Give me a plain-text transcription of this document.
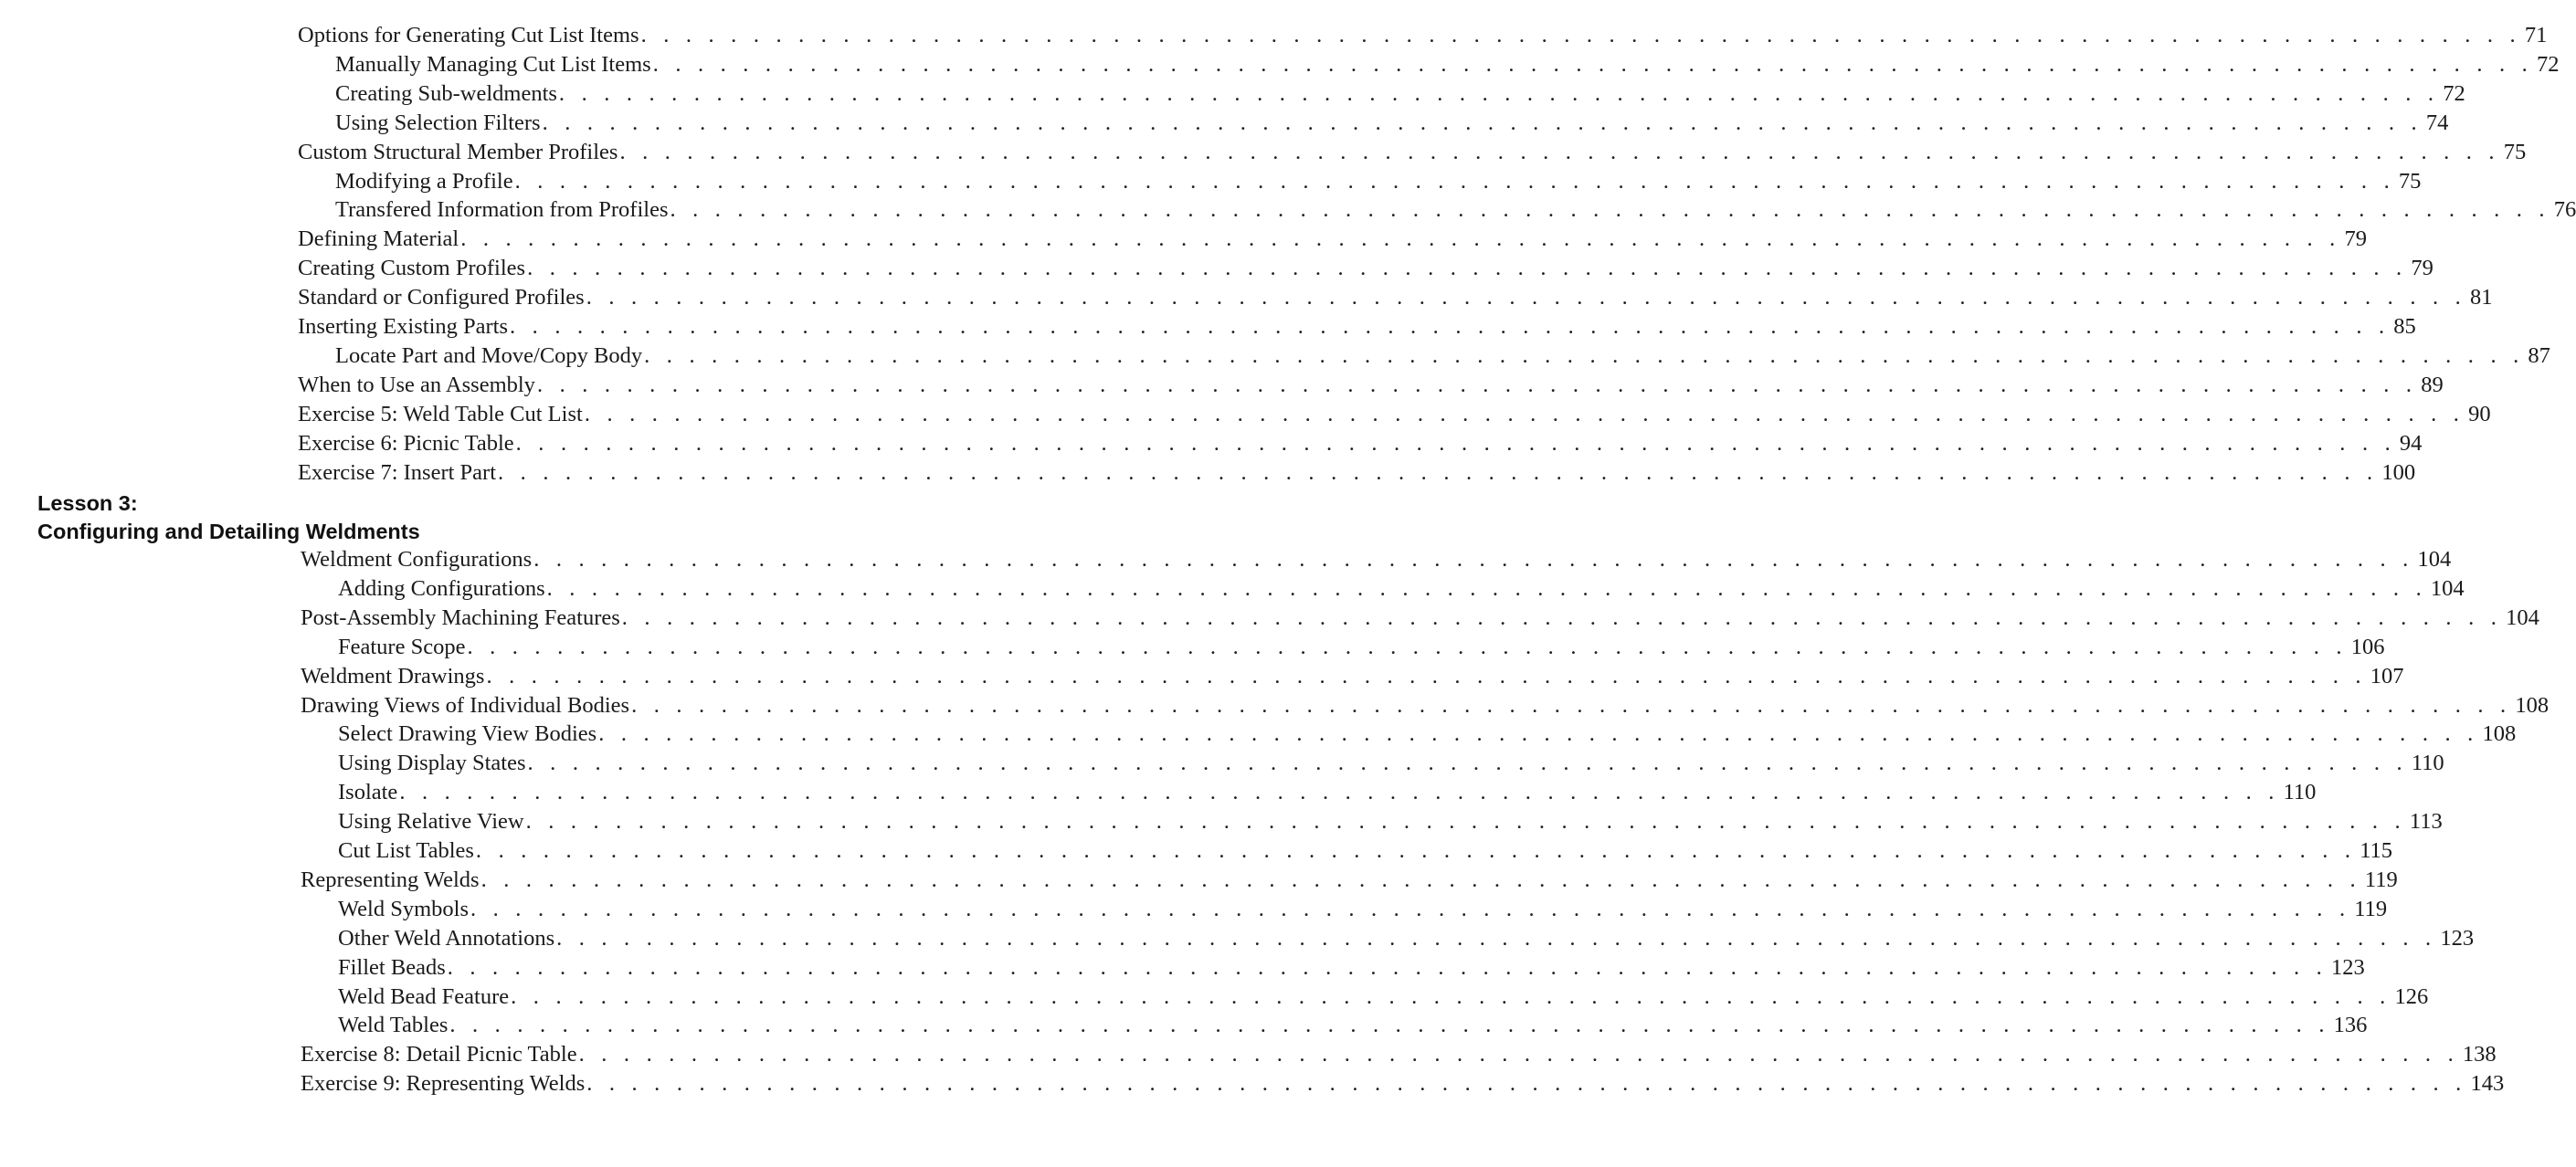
Options for Generating Cut List Items . . . . . . . . . . . . . . . . . . . . . . . . . . . . . . . . . . . . . . . . . . . . . . . . . . . . . . . . . . . . . . . . . . . . . . . . . . . . . . . . . . . . 71
Manually Managing Cut List Items . . . . . . . . . . . . . . . . . . . . . . . . . . . . . . . . . . . . . . . . . . . . . . . . . . . . . . . . . . . . . . . . . . . . . . . . . . . . . . . . . . . . 72
Creating Sub-weldments . . . . . . . . . . . . . . . . . . . . . . . . . . . . . . . . . . . . . . . . . . . . . . . . . . . . . . . . . . . . . . . . . . . . . . . . . . . . . . . . . . . . 72
Using Selection Filters . . . . . . . . . . . . . . . . . . . . . . . . . . . . . . . . . . . . . . . . . . . . . . . . . . . . . . . . . . . . . . . . . . . . . . . . . . . . . . . . . . . . 74
Custom Structural Member Profiles . . . . . . . . . . . . . . . . . . . . . . . . . . . . . . . . . . . . . . . . . . . . . . . . . . . . . . . . . . . . . . . . . . . . . . . . . . . . . . . . . . . . 75
Modifying a Profile . . . . . . . . . . . . . . . . . . . . . . . . . . . . . . . . . . . . . . . . . . . . . . . . . . . . . . . . . . . . . . . . . . . . . . . . . . . . . . . . . . . . 75
Transfered Information from Profiles . . . . . . . . . . . . . . . . . . . . . . . . . . . . . . . . . . . . . . . . . . . . . . . . . . . . . . . . . . . . . . . . . . . . . . . . . . . . . . . . . . . . 76
Defining Material . . . . . . . . . . . . . . . . . . . . . . . . . . . . . . . . . . . . . . . . . . . . . . . . . . . . . . . . . . . . . . . . . . . . . . . . . . . . . . . . . . . . 79
Creating Custom Profiles . . . . . . . . . . . . . . . . . . . . . . . . . . . . . . . . . . . . . . . . . . . . . . . . . . . . . . . . . . . . . . . . . . . . . . . . . . . . . . . . . . . . 79
Standard or Configured Profiles . . . . . . . . . . . . . . . . . . . . . . . . . . . . . . . . . . . . . . . . . . . . . . . . . . . . . . . . . . . . . . . . . . . . . . . . . . . . . . . . . . . . 81
Inserting Existing Parts . . . . . . . . . . . . . . . . . . . . . . . . . . . . . . . . . . . . . . . . . . . . . . . . . . . . . . . . . . . . . . . . . . . . . . . . . . . . . . . . . . . . 85
Locate Part and Move/Copy Body . . . . . . . . . . . . . . . . . . . . . . . . . . . . . . . . . . . . . . . . . . . . . . . . . . . . . . . . . . . . . . . . . . . . . . . . . . . . . . . . . . . . 87
When to Use an Assembly . . . . . . . . . . . . . . . . . . . . . . . . . . . . . . . . . . . . . . . . . . . . . . . . . . . . . . . . . . . . . . . . . . . . . . . . . . . . . . . . . . . . 89
Exercise 5: Weld Table Cut List . . . . . . . . . . . . . . . . . . . . . . . . . . . . . . . . . . . . . . . . . . . . . . . . . . . . . . . . . . . . . . . . . . . . . . . . . . . . . . . . . . . . 90
Exercise 6: Picnic Table . . . . . . . . . . . . . . . . . . . . . . . . . . . . . . . . . . . . . . . . . . . . . . . . . . . . . . . . . . . . . . . . . . . . . . . . . . . . . . . . . . . . 94
Exercise 7: Insert Part . . . . . . . . . . . . . . . . . . . . . . . . . . . . . . . . . . . . . . . . . . . . . . . . . . . . . . . . . . . . . . . . . . . . . . . . . . . . . . . . . . . . 100
Lesson 3:
Configuring and Detailing Weldments
Weldment Configurations . . . . . . . . . . . . . . . . . . . . . . . . . . . . . . . . . . . . . . . . . . . . . . . . . . . . . . . . . . . . . . . . . . . . . . . . . . . . . . . . . . . . 104
Adding Configurations . . . . . . . . . . . . . . . . . . . . . . . . . . . . . . . . . . . . . . . . . . . . . . . . . . . . . . . . . . . . . . . . . . . . . . . . . . . . . . . . . . . . 104
Post-Assembly Machining Features . . . . . . . . . . . . . . . . . . . . . . . . . . . . . . . . . . . . . . . . . . . . . . . . . . . . . . . . . . . . . . . . . . . . . . . . . . . . . . . . . . . . 104
Feature Scope . . . . . . . . . . . . . . . . . . . . . . . . . . . . . . . . . . . . . . . . . . . . . . . . . . . . . . . . . . . . . . . . . . . . . . . . . . . . . . . . . . . . 106
Weldment Drawings . . . . . . . . . . . . . . . . . . . . . . . . . . . . . . . . . . . . . . . . . . . . . . . . . . . . . . . . . . . . . . . . . . . . . . . . . . . . . . . . . . . . 107
Drawing Views of Individual Bodies . . . . . . . . . . . . . . . . . . . . . . . . . . . . . . . . . . . . . . . . . . . . . . . . . . . . . . . . . . . . . . . . . . . . . . . . . . . . . . . . . . . . 108
Select Drawing View Bodies . . . . . . . . . . . . . . . . . . . . . . . . . . . . . . . . . . . . . . . . . . . . . . . . . . . . . . . . . . . . . . . . . . . . . . . . . . . . . . . . . . . . 108
Using Display States . . . . . . . . . . . . . . . . . . . . . . . . . . . . . . . . . . . . . . . . . . . . . . . . . . . . . . . . . . . . . . . . . . . . . . . . . . . . . . . . . . . . 110
Isolate . . . . . . . . . . . . . . . . . . . . . . . . . . . . . . . . . . . . . . . . . . . . . . . . . . . . . . . . . . . . . . . . . . . . . . . . . . . . . . . . . . . . 110
Using Relative View . . . . . . . . . . . . . . . . . . . . . . . . . . . . . . . . . . . . . . . . . . . . . . . . . . . . . . . . . . . . . . . . . . . . . . . . . . . . . . . . . . . . 113
Cut List Tables . . . . . . . . . . . . . . . . . . . . . . . . . . . . . . . . . . . . . . . . . . . . . . . . . . . . . . . . . . . . . . . . . . . . . . . . . . . . . . . . . . . . 115
Representing Welds . . . . . . . . . . . . . . . . . . . . . . . . . . . . . . . . . . . . . . . . . . . . . . . . . . . . . . . . . . . . . . . . . . . . . . . . . . . . . . . . . . . . 119
Weld Symbols . . . . . . . . . . . . . . . . . . . . . . . . . . . . . . . . . . . . . . . . . . . . . . . . . . . . . . . . . . . . . . . . . . . . . . . . . . . . . . . . . . . . 119
Other Weld Annotations . . . . . . . . . . . . . . . . . . . . . . . . . . . . . . . . . . . . . . . . . . . . . . . . . . . . . . . . . . . . . . . . . . . . . . . . . . . . . . . . . . . . 123
Fillet Beads . . . . . . . . . . . . . . . . . . . . . . . . . . . . . . . . . . . . . . . . . . . . . . . . . . . . . . . . . . . . . . . . . . . . . . . . . . . . . . . . . . . . 123
Weld Bead Feature . . . . . . . . . . . . . . . . . . . . . . . . . . . . . . . . . . . . . . . . . . . . . . . . . . . . . . . . . . . . . . . . . . . . . . . . . . . . . . . . . . . . 126
Weld Tables . . . . . . . . . . . . . . . . . . . . . . . . . . . . . . . . . . . . . . . . . . . . . . . . . . . . . . . . . . . . . . . . . . . . . . . . . . . . . . . . . . . . 136
Exercise 8: Detail Picnic Table . . . . . . . . . . . . . . . . . . . . . . . . . . . . . . . . . . . . . . . . . . . . . . . . . . . . . . . . . . . . . . . . . . . . . . . . . . . . . . . . . . . . 138
Exercise 9: Representing Welds . . . . . . . . . . . . . . . . . . . . . . . . . . . . . . . . . . . . . . . . . . . . . . . . . . . . . . . . . . . . . . . . . . . . . . . . . . . . . . . . . . . . 143
